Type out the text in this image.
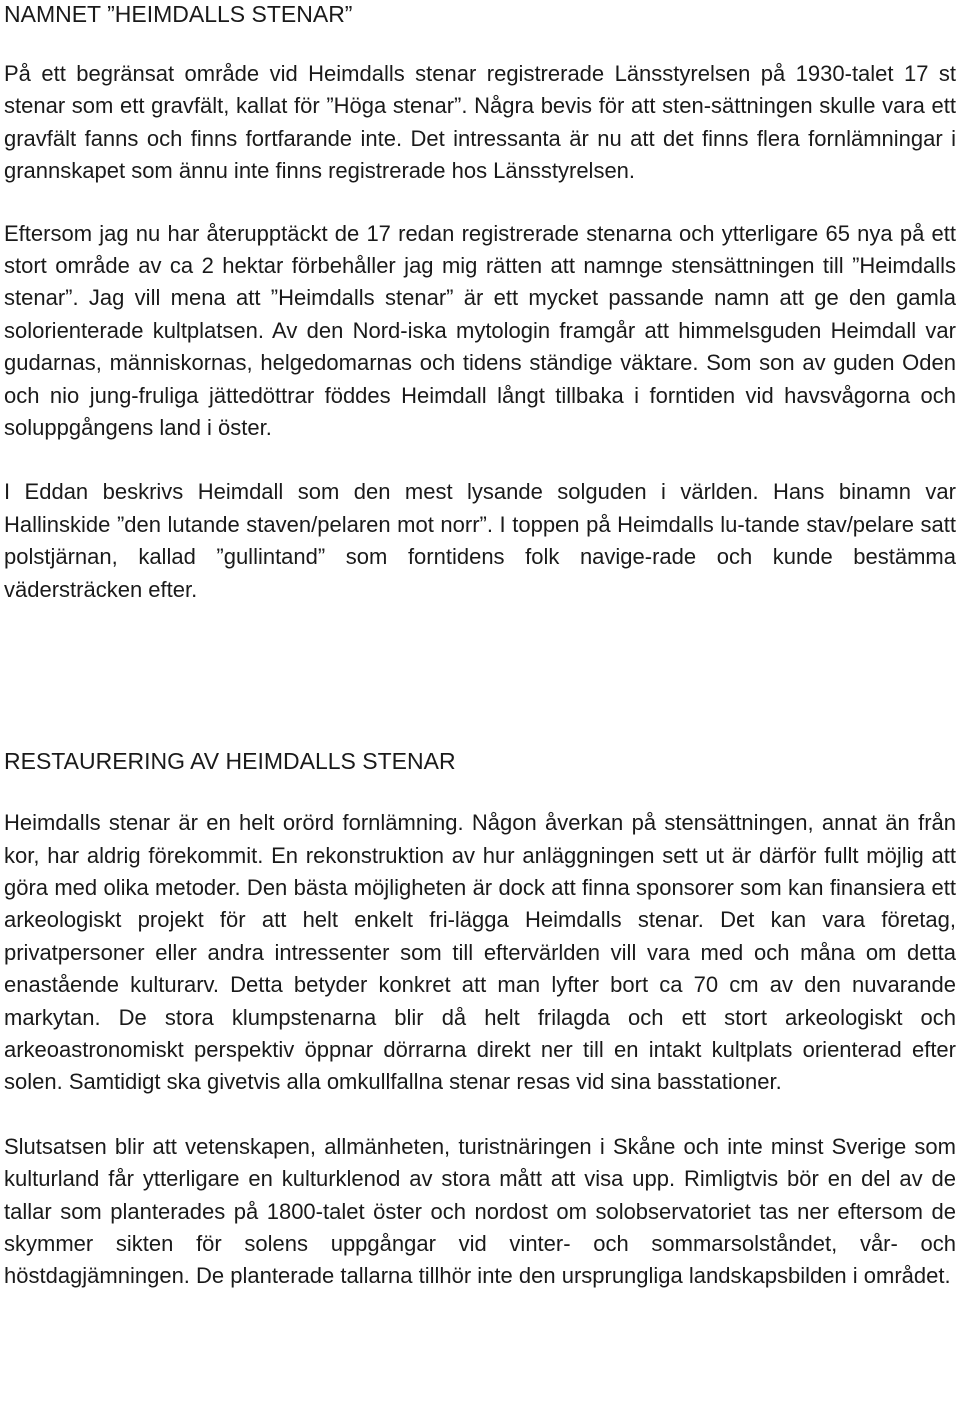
NAMNET ”HEIMDALLS STENAR”

På ett begränsat område vid Heimdalls stenar registrerade Länsstyrelsen på 1930-talet 17 st stenar som ett gravfält, kallat för ”Höga stenar”. Några bevis för att sten-sättningen skulle vara ett gravfält fanns och finns fortfarande inte. Det intressanta är nu att det finns flera fornlämningar i grannskapet som ännu inte finns registrerade hos Länsstyrelsen.

Eftersom jag nu har återupptäckt de 17 redan registrerade stenarna och ytterligare 65 nya på ett stort område av ca 2 hektar förbehåller jag mig rätten att namnge stensättningen till ”Heimdalls stenar”. Jag vill mena att ”Heimdalls stenar” är ett mycket passande namn att ge den gamla solorienterade kultplatsen. Av den Nord-iska mytologin framgår att himmelsguden Heimdall var gudarnas, människornas, helgedomarnas och tidens ständige väktare. Som son av guden Oden och nio jung-fruliga jättedöttrar föddes Heimdall långt tillbaka i forntiden vid havsvågorna och soluppgångens land i öster.

I Eddan beskrivs Heimdall som den mest lysande solguden i världen. Hans binamn var Hallinskide ”den lutande staven/pelaren mot norr”. I toppen på Heimdalls lu-tande stav/pelare satt polstjärnan, kallad ”gullintand” som forntidens folk navige-rade och kunde bestämma vädersträcken efter.

RESTAURERING AV HEIMDALLS STENAR

Heimdalls stenar är en helt orörd fornlämning. Någon åverkan på stensättningen, annat än från kor, har aldrig förekommit. En rekonstruktion av hur anläggningen sett ut är därför fullt möjlig att göra med olika metoder. Den bästa möjligheten är dock att finna sponsorer som kan finansiera ett arkeologiskt projekt för att helt enkelt fri-lägga Heimdalls stenar. Det kan vara företag, privatpersoner eller andra intressenter som till eftervärlden vill vara med och måna om detta enastående kulturarv. Detta betyder konkret att man lyfter bort ca 70 cm av den nuvarande markytan. De stora klumpstenarna blir då helt frilagda och ett stort arkeologiskt och arkeoastronomiskt perspektiv öppnar dörrarna direkt ner till en intakt kultplats orienterad efter solen. Samtidigt ska givetvis alla omkullfallna stenar resas vid sina basstationer.

Slutsatsen blir att vetenskapen, allmänheten, turistnäringen i Skåne och inte minst Sverige som kulturland får ytterligare en kulturklenod av stora mått att visa upp. Rimligtvis bör en del av de tallar som planterades på 1800-talet öster och nordost om solobservatoriet tas ner eftersom de skymmer sikten för solens uppgångar vid vinter- och sommarsolståndet, vår- och höstdagjämningen. De planterade tallarna tillhör inte den ursprungliga landskapsbilden i området.
